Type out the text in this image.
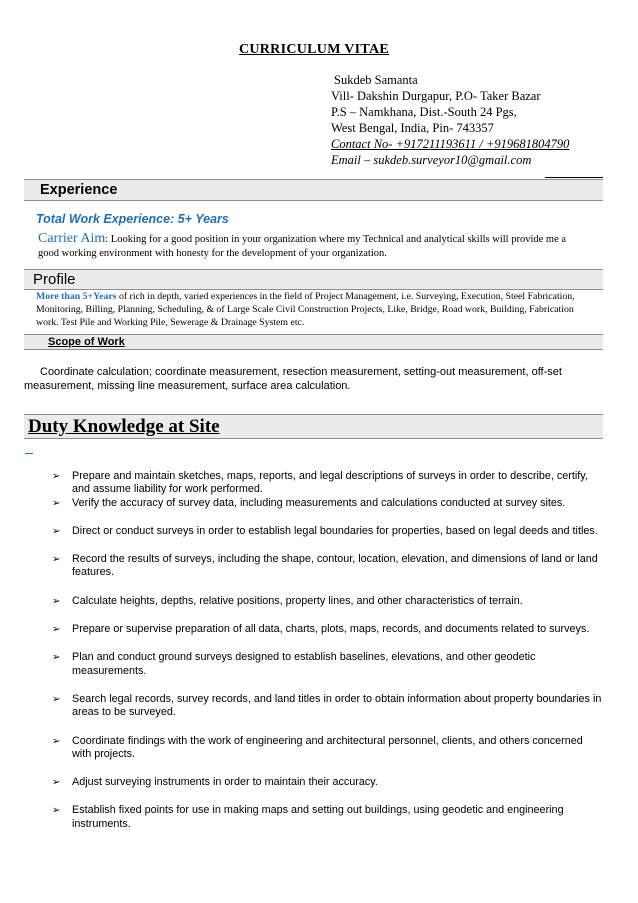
CURRICULUM VITAE
Sukdeb Samanta
Vill- Dakshin Durgapur, P.O- Taker Bazar
P.S – Namkhana, Dist.-South 24 Pgs,
West Bengal, India, Pin- 743357
Contact No- +917211193611 / +919681804790
Email – sukdeb.surveyor10@gmail.com
Experience
Total Work Experience: 5+ Years
Carrier Aim: Looking for a good position in your organization where my Technical and analytical skills will provide me a good working environment with honesty for the development of your organization.
Profile
More than 5+Years of rich in depth, varied experiences in the field of Project Management, i.e. Surveying, Execution, Steel Fabrication, Monitoring, Billing, Planning, Scheduling, & of Large Scale Civil Construction Projects, Like, Bridge, Road work, Building, Fabrication work. Test Pile and Working Pile, Sewerage & Drainage System etc.
Scope of Work
Coordinate calculation; coordinate measurement, resection measurement, setting-out measurement, off-set measurement, missing line measurement, surface area calculation.
Duty Knowledge at Site
➢ Prepare and maintain sketches, maps, reports, and legal descriptions of surveys in order to describe, certify, and assume liability for work performed.
➢ Verify the accuracy of survey data, including measurements and calculations conducted at survey sites.
➢ Direct or conduct surveys in order to establish legal boundaries for properties, based on legal deeds and titles.
➢ Record the results of surveys, including the shape, contour, location, elevation, and dimensions of land or land features.
➢ Calculate heights, depths, relative positions, property lines, and other characteristics of terrain.
➢ Prepare or supervise preparation of all data, charts, plots, maps, records, and documents related to surveys.
➢ Plan and conduct ground surveys designed to establish baselines, elevations, and other geodetic measurements.
➢ Search legal records, survey records, and land titles in order to obtain information about property boundaries in areas to be surveyed.
➢ Coordinate findings with the work of engineering and architectural personnel, clients, and others concerned with projects.
➢ Adjust surveying instruments in order to maintain their accuracy.
➢ Establish fixed points for use in making maps and setting out buildings, using geodetic and engineering instruments.
